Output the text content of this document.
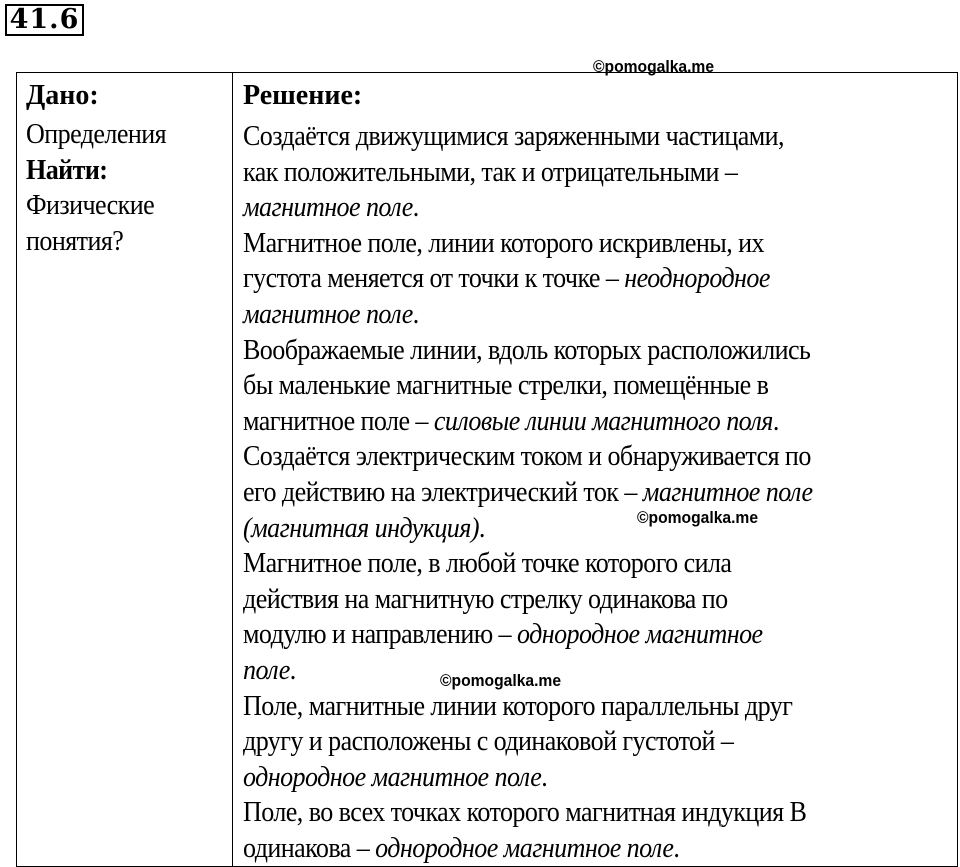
41.6
©pomogalka.me
©pomogalka.me
©pomogalka.me
Дано:
Определения
Найти:
Физические
понятия?

Решение:
Создаётся движущимися заряженными частицами,
как положительными, так и отрицательными –
магнитное поле.
Магнитное поле, линии которого искривлены, их
густота меняется от точки к точке – неоднородное
магнитное поле.
Воображаемые линии, вдоль которых расположились
бы маленькие магнитные стрелки, помещённые в
магнитное поле – силовые линии магнитного поля.
Создаётся электрическим током и обнаруживается по
его действию на электрический ток – магнитное поле
(магнитная индукция).
Магнитное поле, в любой точке которого сила
действия на магнитную стрелку одинакова по
модулю и направлению – однородное магнитное
поле.
Поле, магнитные линии которого параллельны друг
другу и расположены с одинаковой густотой –
однородное магнитное поле.
Поле, во всех точках которого магнитная индукция B
одинакова – однородное магнитное поле.
